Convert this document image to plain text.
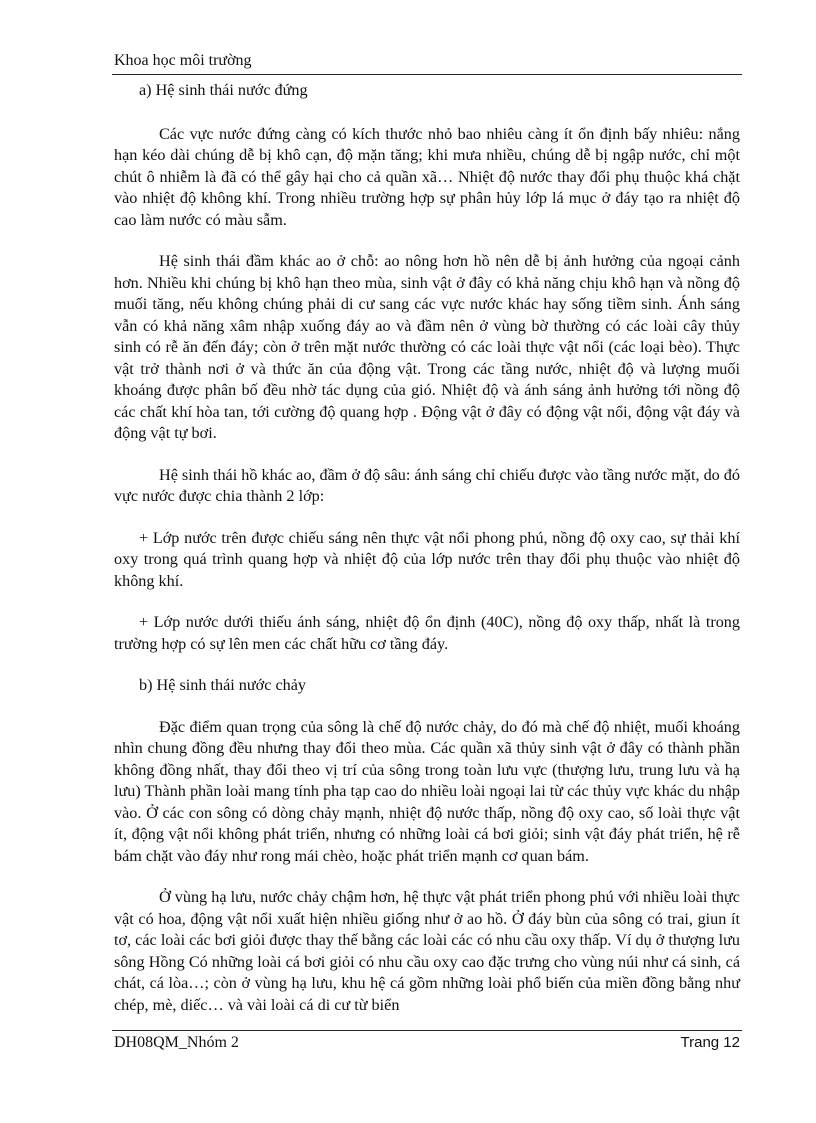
Khoa học môi trường

a) Hệ sinh thái nước đứng

Các vực nước đứng càng có kích thước nhỏ bao nhiêu càng ít ổn định bấy nhiêu: nắng hạn kéo dài chúng dễ bị khô cạn, độ mặn tăng; khi mưa nhiều, chúng dễ bị ngập nước, chỉ một chút ô nhiễm là đã có thể gây hại cho cả quần xã… Nhiệt độ nước thay đổi phụ thuộc khá chặt vào nhiệt độ không khí. Trong nhiều trường hợp sự phân hủy lớp lá mục ở đáy tạo ra nhiệt độ cao làm nước có màu sẫm.

Hệ sinh thái đầm khác ao ở chỗ: ao nông hơn hồ nên dễ bị ảnh hưởng của ngoại cảnh hơn. Nhiều khi chúng bị khô hạn theo mùa, sinh vật ở đây có khả năng chịu khô hạn và nồng độ muối tăng, nếu không chúng phải di cư sang các vực nước khác hay sống tiềm sinh. Ánh sáng vẫn có khả năng xâm nhập xuống đáy ao và đầm nên ở vùng bờ thường có các loài cây thủy sinh có rễ ăn đến đáy; còn ở trên mặt nước thường có các loài thực vật nổi (các loại bèo). Thực vật trở thành nơi ở và thức ăn của động vật. Trong các tầng nước, nhiệt độ và lượng muối khoáng được phân bố đều nhờ tác dụng của gió. Nhiệt độ và ánh sáng ảnh hưởng tới nồng độ các chất khí hòa tan, tới cường độ quang hợp . Động vật ở đây có động vật nổi, động vật đáy và động vật tự bơi.

Hệ sinh thái hồ khác ao, đầm ở độ sâu: ánh sáng chỉ chiếu được vào tầng nước mặt, do đó vực nước được chia thành 2 lớp:

+ Lớp nước trên được chiếu sáng nên thực vật nổi phong phú, nồng độ oxy cao, sự thải khí oxy trong quá trình quang hợp và nhiệt độ của lớp nước trên thay đổi phụ thuộc vào nhiệt độ không khí.

+ Lớp nước dưới thiếu ánh sáng, nhiệt độ ổn định (40C), nồng độ oxy thấp, nhất là trong trường hợp có sự lên men các chất hữu cơ tầng đáy.

b) Hệ sinh thái nước chảy

Đặc điểm quan trọng của sông là chế độ nước chảy, do đó mà chế độ nhiệt, muối khoáng nhìn chung đồng đều nhưng thay đổi theo mùa. Các quần xã thủy sinh vật ở đây có thành phần không đồng nhất, thay đổi theo vị trí của sông trong toàn lưu vực (thượng lưu, trung lưu và hạ lưu) Thành phần loài mang tính pha tạp cao do nhiều loài ngoại lai từ các thủy vực khác du nhập vào. Ở các con sông có dòng chảy mạnh, nhiệt độ nước thấp, nồng độ oxy cao, số loài thực vật ít, động vật nổi không phát triển, nhưng có những loài cá bơi giỏi; sinh vật đáy phát triển, hệ rễ bám chặt vào đáy như rong mái chèo, hoặc phát triển mạnh cơ quan bám.

Ở vùng hạ lưu, nước chảy chậm hơn, hệ thực vật phát triển phong phú với nhiều loài thực vật có hoa, động vật nổi xuất hiện nhiều giống như ở ao hồ. Ở đáy bùn của sông có trai, giun ít tơ, các loài các bơi giỏi được thay thế bằng các loài các có nhu cầu oxy thấp. Ví dụ ở thượng lưu sông Hồng Có những loài cá bơi giỏi có nhu cầu oxy cao đặc trưng cho vùng núi như cá sinh, cá chát, cá lòa…; còn ở vùng hạ lưu, khu hệ cá gồm những loài phổ biến của miền đồng bằng như chép, mè, diếc… và vài loài cá di cư từ biển

DH08QM_Nhóm 2	Trang 12
